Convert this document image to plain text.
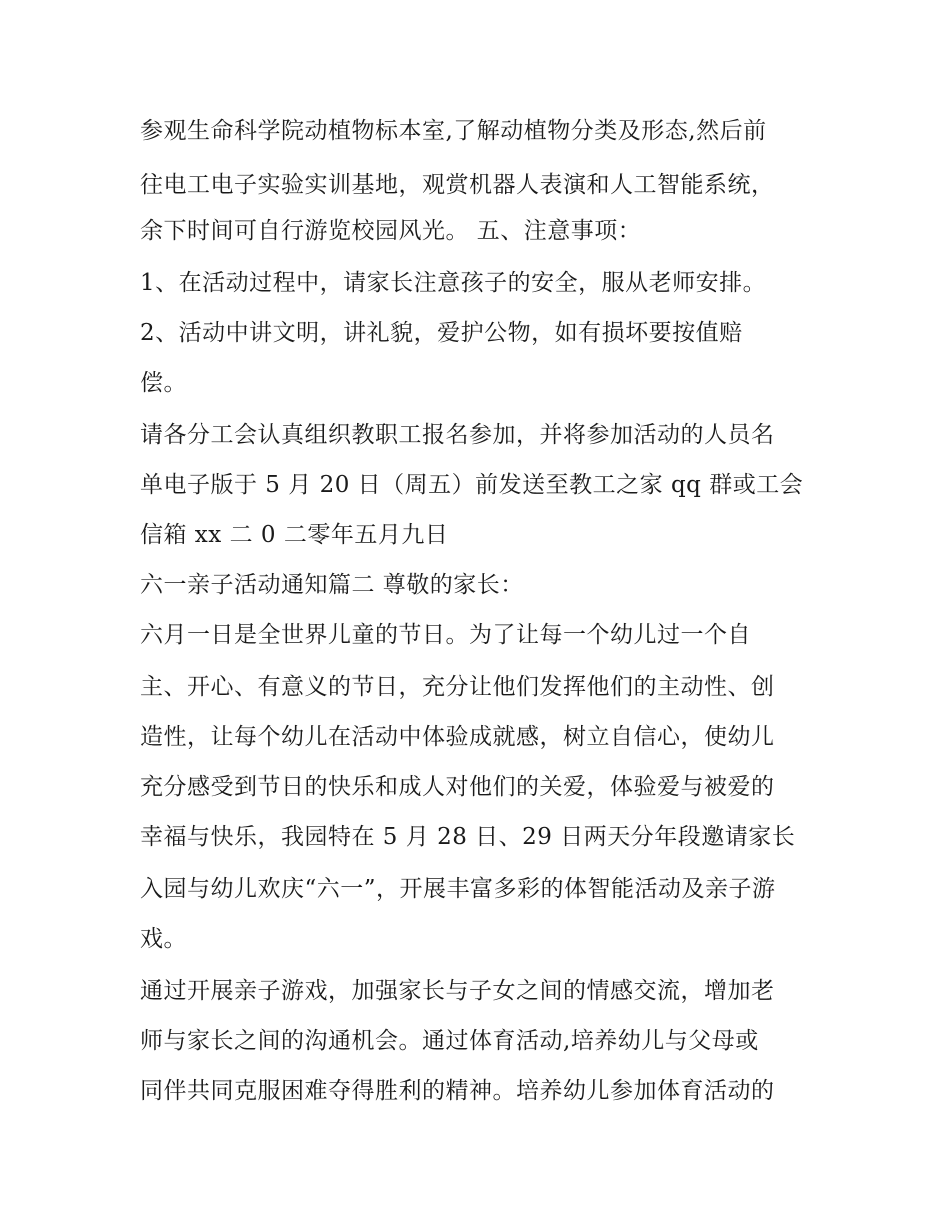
参观生命科学院动植物标本室,了解动植物分类及形态,然后前
往电工电子实验实训基地，观赏机器人表演和人工智能系统，
余下时间可自行游览校园风光。 五、注意事项：
1、在活动过程中，请家长注意孩子的安全，服从老师安排。
2、活动中讲文明，讲礼貌，爱护公物，如有损坏要按值赔
偿。
请各分工会认真组织教职工报名参加，并将参加活动的人员名
单电子版于 5 月 20 日（周五）前发送至教工之家 qq 群或工会
信箱 xx 二 0 二零年五月九日
六一亲子活动通知篇二 尊敬的家长：
六月一日是全世界儿童的节日。为了让每一个幼儿过一个自
主、开心、有意义的节日，充分让他们发挥他们的主动性、创
造性，让每个幼儿在活动中体验成就感，树立自信心，使幼儿
充分感受到节日的快乐和成人对他们的关爱，体验爱与被爱的
幸福与快乐，我园特在 5 月 28 日、29 日两天分年段邀请家长
入园与幼儿欢庆“六一”，开展丰富多彩的体智能活动及亲子游
戏。
通过开展亲子游戏，加强家长与子女之间的情感交流，增加老
师与家长之间的沟通机会。通过体育活动,培养幼儿与父母或
同伴共同克服困难夺得胜利的精神。培养幼儿参加体育活动的
